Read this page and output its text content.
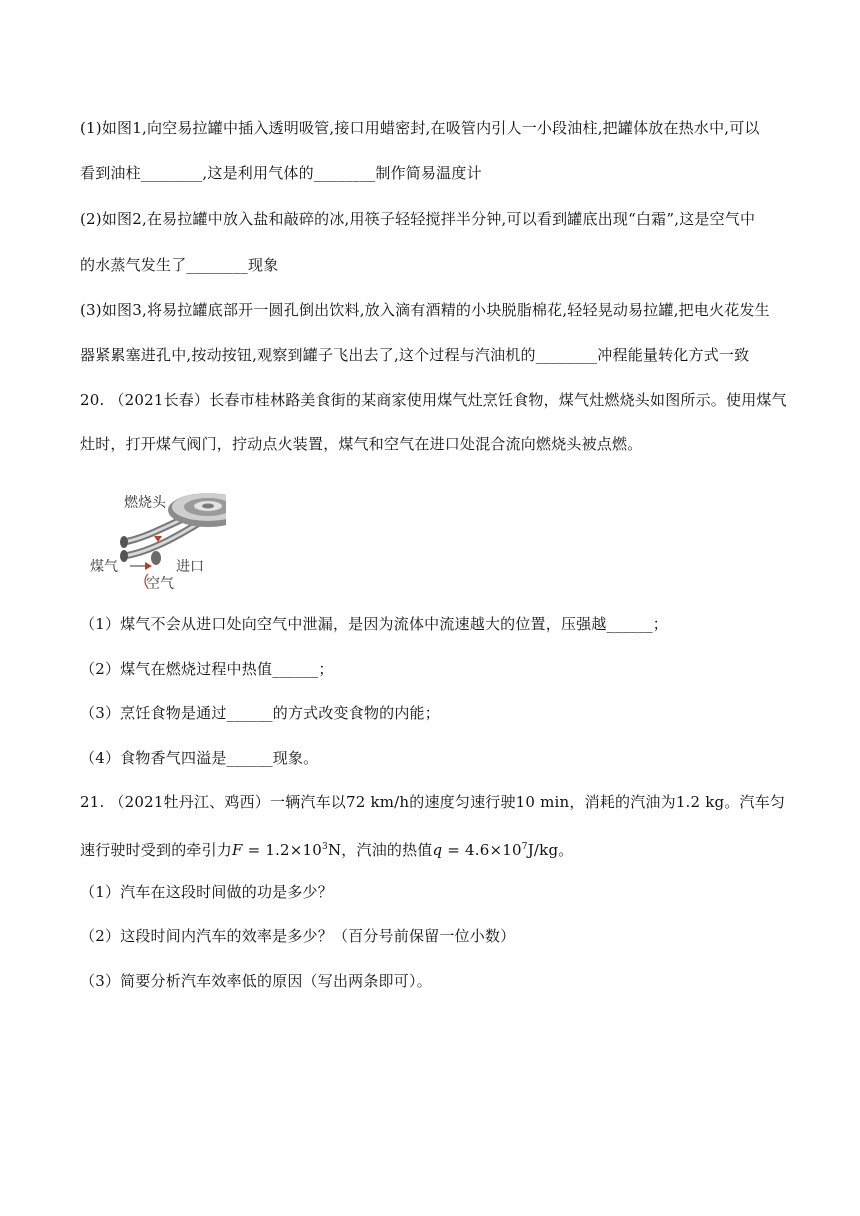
(1)如图1,向空易拉罐中插入透明吸管,接口用蜡密封,在吸管内引人一小段油柱,把罐体放在热水中,可以
看到油柱________,这是利用气体的________制作简易温度计
(2)如图2,在易拉罐中放入盐和敲碎的冰,用筷子轻轻搅拌半分钟,可以看到罐底出现“白霜”,这是空气中
的水蒸气发生了________现象
(3)如图3,将易拉罐底部开一圆孔倒出饮料,放入滴有酒精的小块脱脂棉花,轻轻晃动易拉罐,把电火花发生
器紧累塞进孔中,按动按钮,观察到罐子飞出去了,这个过程与汽油机的________冲程能量转化方式一致
20. （2021长春）长春市桂林路美食街的某商家使用煤气灶烹饪食物，煤气灶燃烧头如图所示。使用煤气
灶时，打开煤气阀门，拧动点火装置，煤气和空气在进口处混合流向燃烧头被点燃。
燃烧头
煤气	进口
空气
（1）煤气不会从进口处向空气中泄漏，是因为流体中流速越大的位置，压强越______；
（2）煤气在燃烧过程中热值______；
（3）烹饪食物是通过______的方式改变食物的内能；
（4）食物香气四溢是______现象。
21. （2021牡丹江、鸡西）一辆汽车以72 km/h的速度匀速行驶10 min，消耗的汽油为1.2 kg。汽车匀
速行驶时受到的牵引力$F = 1.2\times 10^3N$，汽油的热值$q = 4.6\times 10^7J/kg$。
（1）汽车在这段时间做的功是多少？
（2）这段时间内汽车的效率是多少？（百分号前保留一位小数）
（3）简要分析汽车效率低的原因（写出两条即可）。
